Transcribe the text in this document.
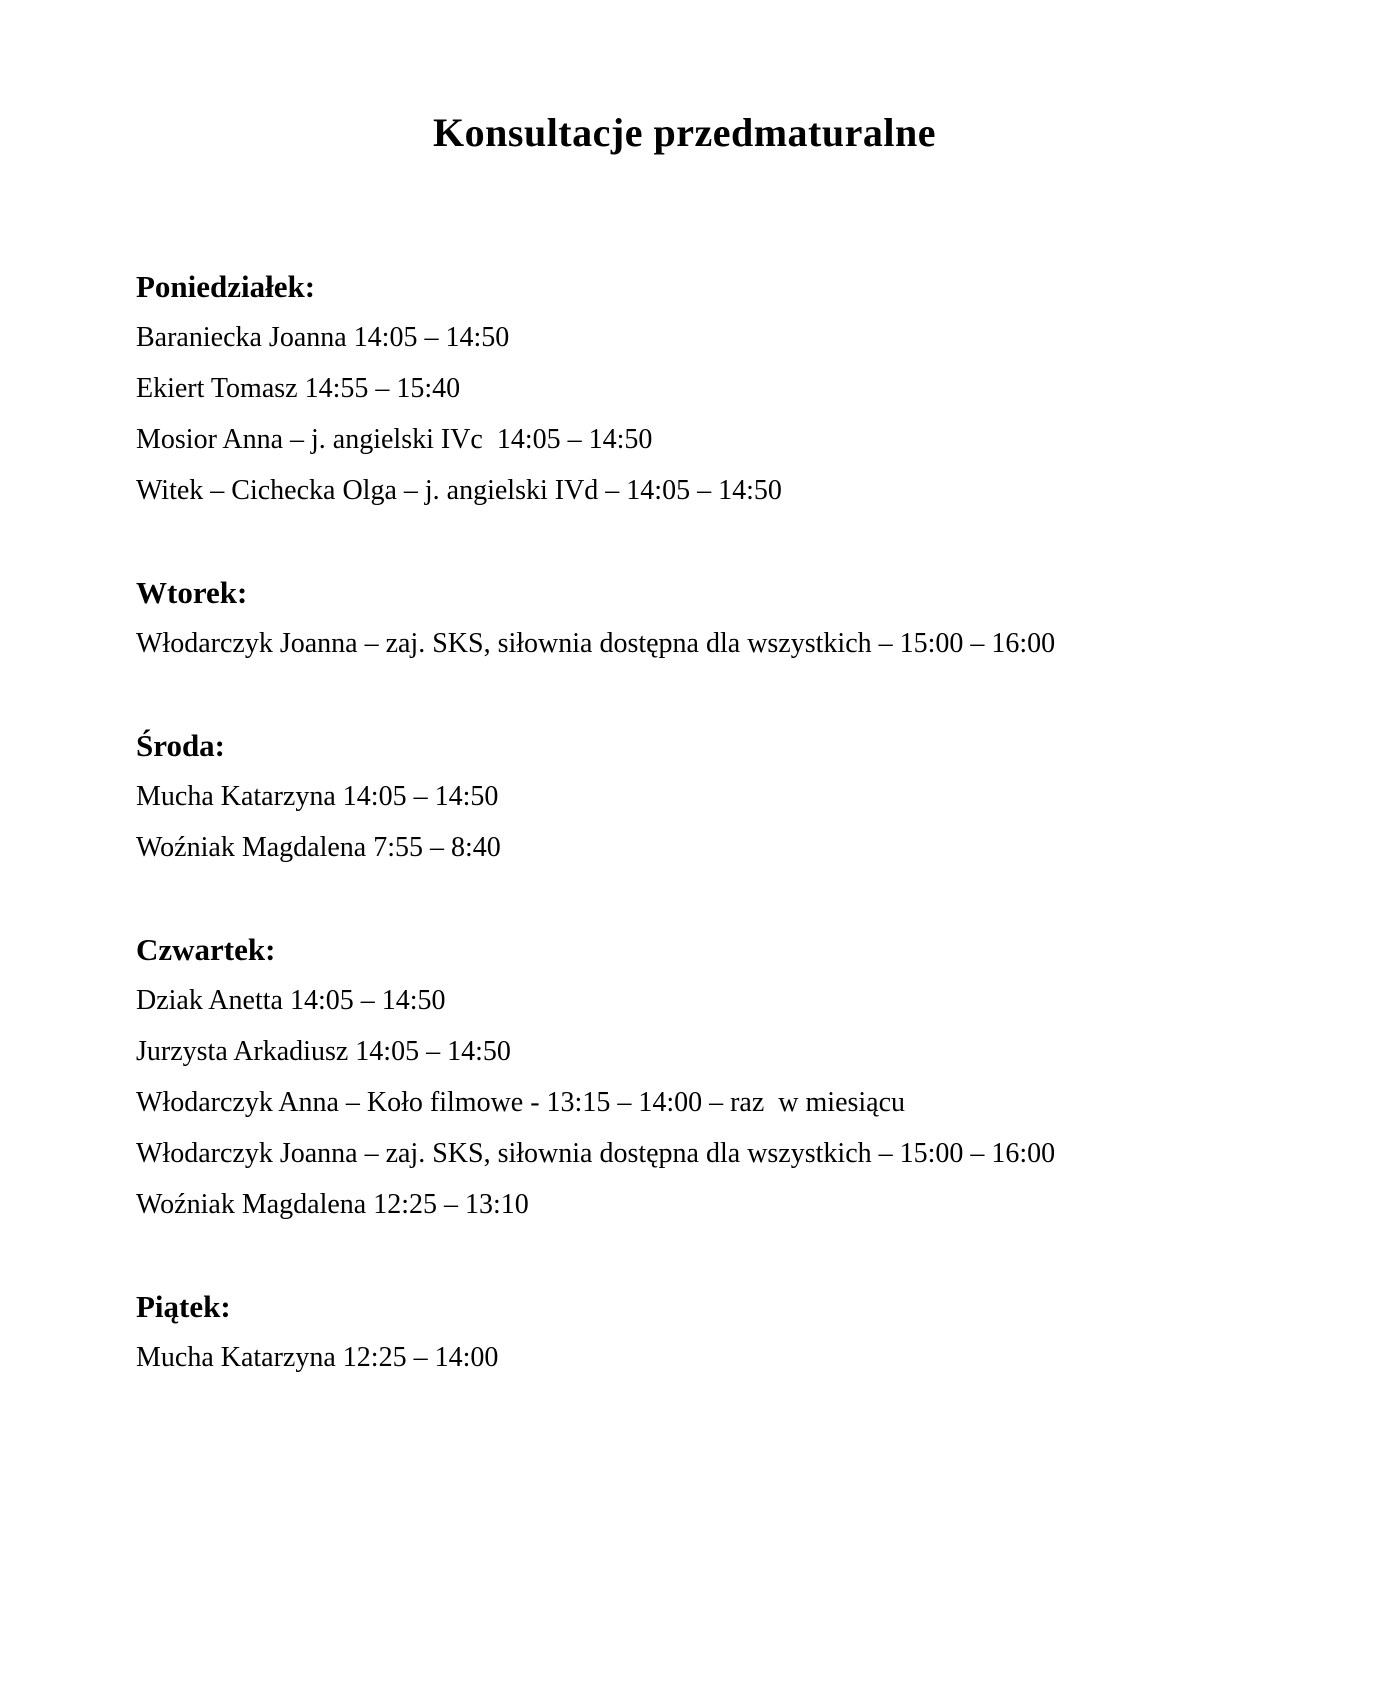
Konsultacje przedmaturalne
Poniedziałek:

Baraniecka Joanna 14:05 – 14:50

Ekiert Tomasz 14:55 – 15:40

Mosior Anna – j. angielski IVc  14:05 – 14:50

Witek – Cichecka Olga – j. angielski IVd – 14:05 – 14:50

Wtorek:

Włodarczyk Joanna – zaj. SKS, siłownia dostępna dla wszystkich – 15:00 – 16:00

Środa:

Mucha Katarzyna 14:05 – 14:50

Woźniak Magdalena 7:55 – 8:40

Czwartek:

Dziak Anetta 14:05 – 14:50

Jurzysta Arkadiusz 14:05 – 14:50

Włodarczyk Anna – Koło filmowe - 13:15 – 14:00 – raz  w miesiącu

Włodarczyk Joanna – zaj. SKS, siłownia dostępna dla wszystkich – 15:00 – 16:00

Woźniak Magdalena 12:25 – 13:10

Piątek:

Mucha Katarzyna 12:25 – 14:00
